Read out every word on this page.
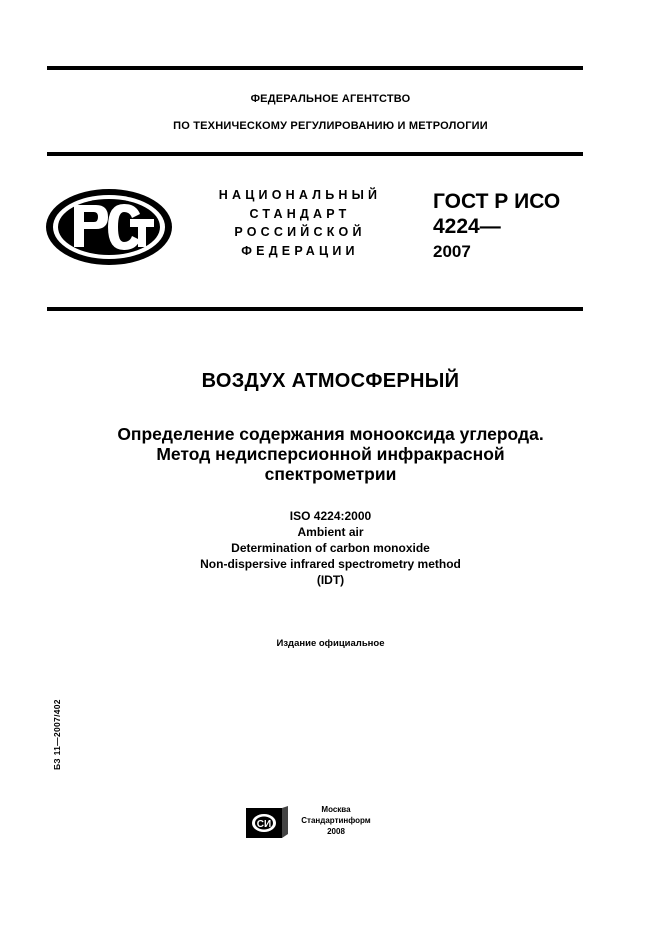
ФЕДЕРАЛЬНОЕ АГЕНТСТВО
ПО ТЕХНИЧЕСКОМУ РЕГУЛИРОВАНИЮ И МЕТРОЛОГИИ
НАЦИОНАЛЬНЫЙ
СТАНДАРТ
РОССИЙСКОЙ
ФЕДЕРАЦИИ
ГОСТ Р ИСО
4224—
2007
ВОЗДУХ АТМОСФЕРНЫЙ
Определение содержания монооксида углерода.
Метод недисперсионной инфракрасной
спектрометрии
ISO 4224:2000
Ambient air
Determination of carbon monoxide
Non-dispersive infrared spectrometry method
(IDT)
Издание официальное
БЗ 11—2007/402
СИ
Москва
Стандартинформ
2008
